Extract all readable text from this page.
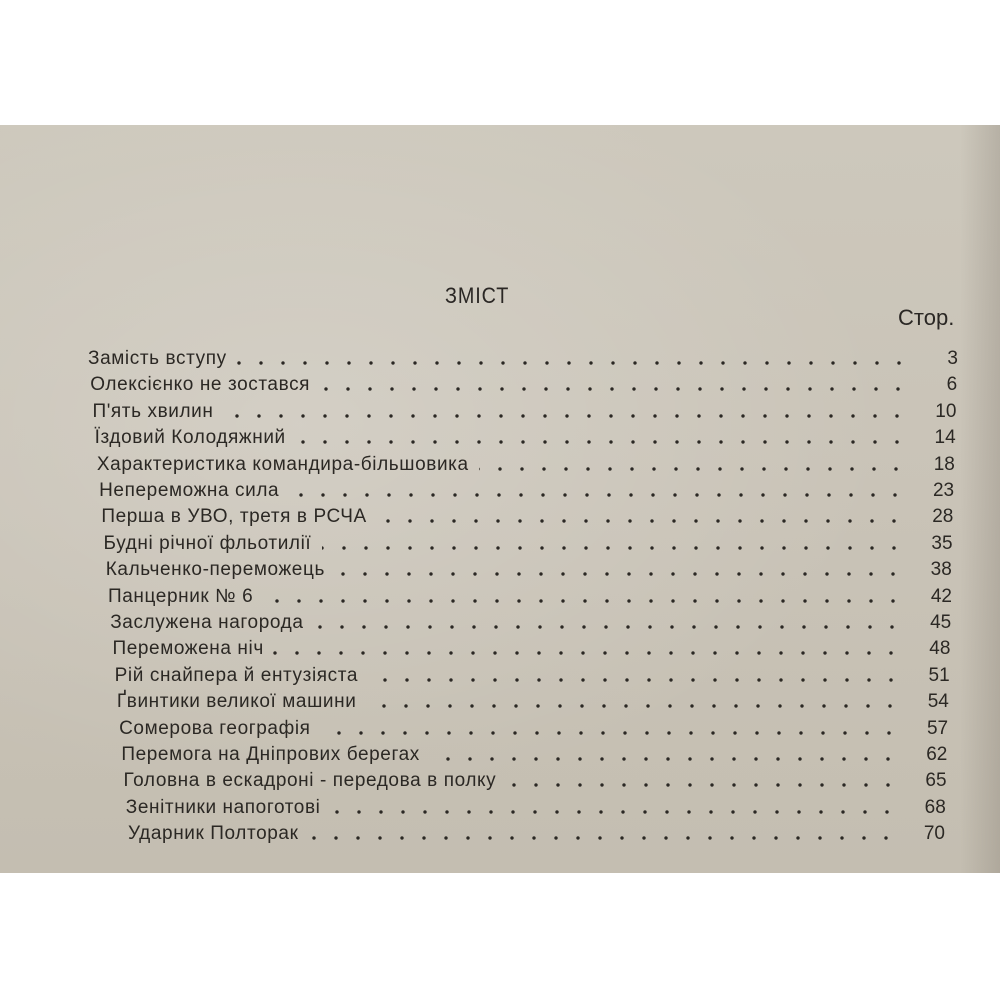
ЗМІСТ
Стор.
Замість вступу	3
Олексієнко не зостався	6
П'ять хвилин	10
Їздовий Колодяжний	14
Характеристика командира-більшовика	18
Непереможна сила	23
Перша в УВО, третя в РСЧА	28
Будні річної фльотилії	35
Кальченко-переможець	38
Панцерник № 6	42
Заслужена нагорода	45
Переможена ніч	48
Рій снайпера й ентузіяста	51
Ґвинтики великої машини	54
Сомерова географія	57
Перемога на Дніпрових берегах	62
Головна в ескадроні - передова в полку	65
Зенітники напоготові	68
Ударник Полторак	70
